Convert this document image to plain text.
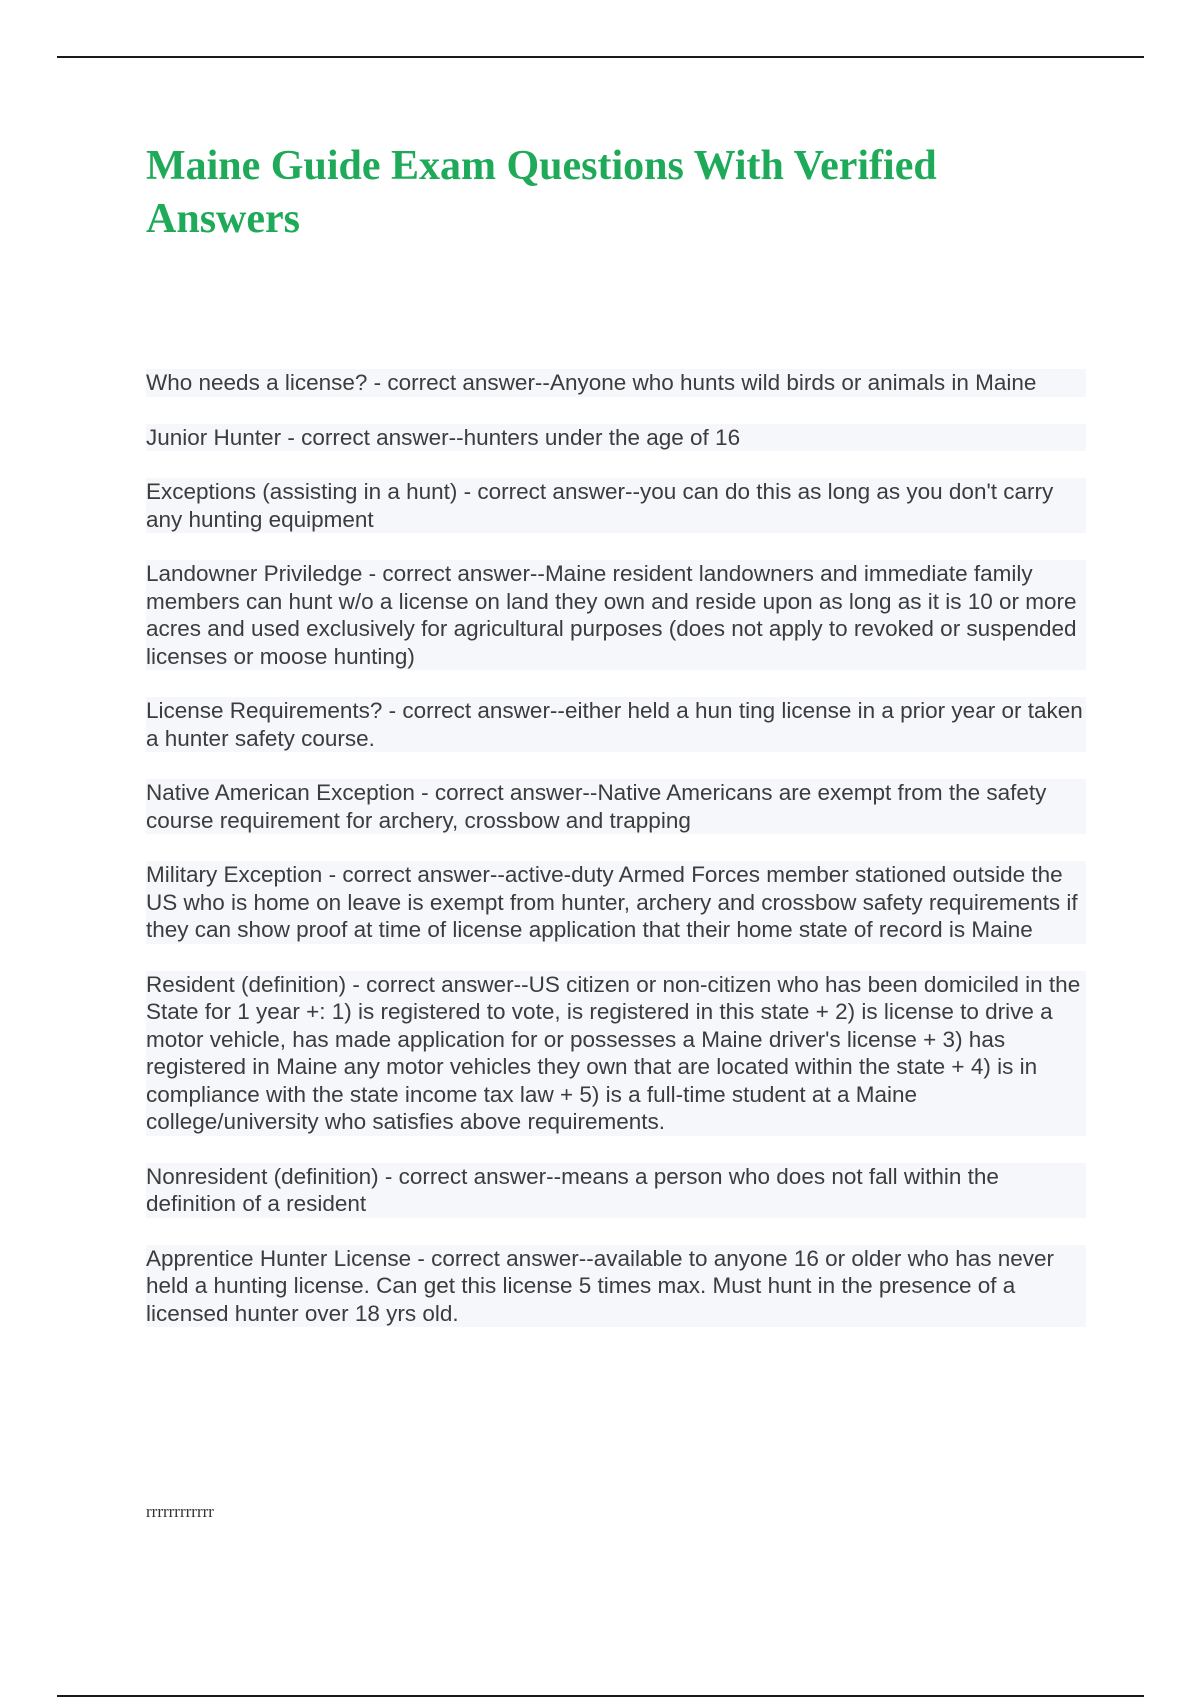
Maine Guide Exam Questions With Verified Answers

Who needs a license? - correct answer--Anyone who hunts wild birds or animals in Maine

Junior Hunter - correct answer--hunters under the age of 16

Exceptions (assisting in a hunt) - correct answer--you can do this as long as you don't carry any hunting equipment

Landowner Priviledge - correct answer--Maine resident landowners and immediate family members can hunt w/o a license on land they own and reside upon as long as it is 10 or more acres and used exclusively for agricultural purposes (does not apply to revoked or suspended licenses or moose hunting)

License Requirements? - correct answer--either held a hun ting license in a prior year or taken a hunter safety course.

Native American Exception - correct answer--Native Americans are exempt from the safety course requirement for archery, crossbow and trapping

Military Exception - correct answer--active-duty Armed Forces member stationed outside the US who is home on leave is exempt from hunter, archery and crossbow safety requirements if they can show proof at time of license application that their home state of record is Maine

Resident (definition) - correct answer--US citizen or non-citizen who has been domiciled in the State for 1 year +: 1) is registered to vote, is registered in this state + 2) is license to drive a motor vehicle, has made application for or possesses a Maine driver's license + 3) has registered in Maine any motor vehicles they own that are located within the state + 4) is in compliance with the state income tax law + 5) is a full-time student at a Maine college/university who satisfies above requirements.

Nonresident (definition) - correct answer--means a person who does not fall within the definition of a resident

Apprentice Hunter License - correct answer--available to anyone 16 or older who has never held a hunting license. Can get this license 5 times max. Must hunt in the presence of a licensed hunter over 18 yrs old.

rrrrrrrrrrrr
